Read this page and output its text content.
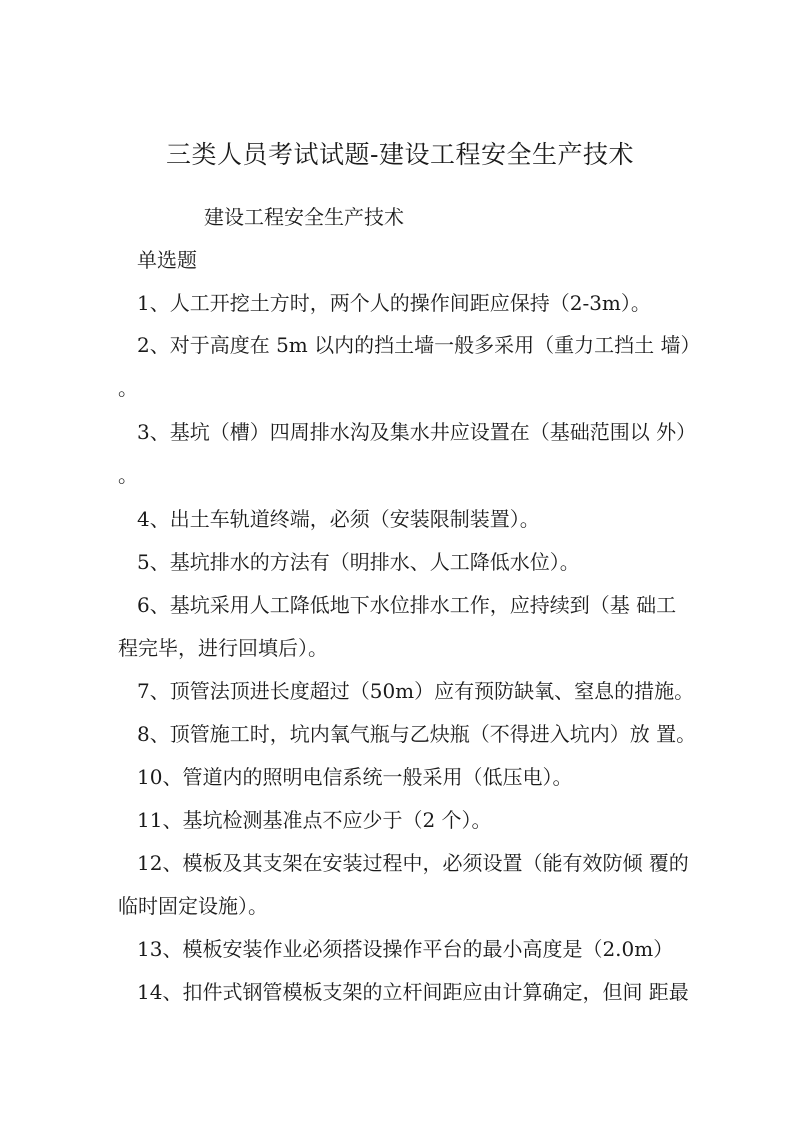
三类人员考试试题-建设工程安全生产技术
建设工程安全生产技术
单选题
1、人工开挖土方时，两个人的操作间距应保持（2-3m）。
2、对于高度在 5m 以内的挡土墙一般多采用（重力工挡土 墙）
。
3、基坑（槽）四周排水沟及集水井应设置在（基础范围以 外）
。
4、出土车轨道终端，必须（安装限制装置）。
5、基坑排水的方法有（明排水、人工降低水位）。
6、基坑采用人工降低地下水位排水工作，应持续到（基 础工
程完毕，进行回填后）。
7、顶管法顶进长度超过（50m）应有预防缺氧、窒息的措施。
8、顶管施工时，坑内氧气瓶与乙炔瓶（不得进入坑内）放 置。
10、管道内的照明电信系统一般采用（低压电）。
11、基坑检测基准点不应少于（2 个）。
12、模板及其支架在安装过程中，必须设置（能有效防倾 覆的
临时固定设施）。
13、模板安装作业必须搭设操作平台的最小高度是（2.0m）
14、扣件式钢管模板支架的立杆间距应由计算确定，但间 距最
